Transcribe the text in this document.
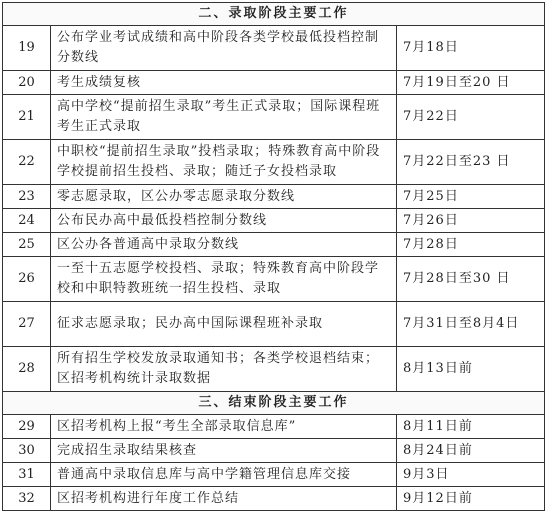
二、录取阶段主要工作		
19	公布学业考试成绩和高中阶段各类学校最低投档控制分数线	7月18日
20	考生成绩复核	7月19日至20 日
21	高中学校“提前招生录取”考生正式录取；国际课程班考生正式录取	7月22日
22	中职校“提前招生录取”投档录取；特殊教育高中阶段学校提前招生投档、录取；随迁子女投档录取	7月22日至23 日
23	零志愿录取，区公办零志愿录取分数线	7月25日
24	公布民办高中最低投档控制分数线	7月26日
25	区公办各普通高中录取分数线	7月28日
26	一至十五志愿学校投档、录取；特殊教育高中阶段学校和中职特教班统一招生投档、录取	7月28日至30 日
27	征求志愿录取；民办高中国际课程班补录取	7月31日至8月4日
28	所有招生学校发放录取通知书；各类学校退档结束；区招考机构统计录取数据	8月13日前
三、结束阶段主要工作		
29	区招考机构上报“考生全部录取信息库”	8月11日前
30	完成招生录取结果核查	8月24日前
31	普通高中录取信息库与高中学籍管理信息库交接	9月3日
32	区招考机构进行年度工作总结	9月12日前
